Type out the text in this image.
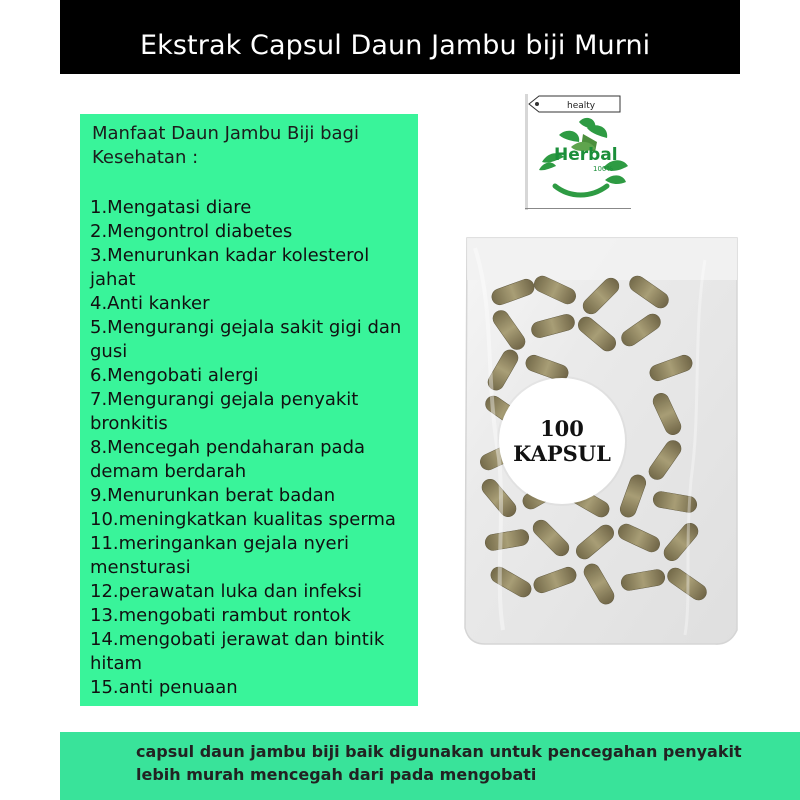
Ekstrak Capsul Daun Jambu biji Murni
Manfaat Daun Jambu Biji bagi Kesehatan :
1.Mengatasi diare
2.Mengontrol diabetes
3.Menurunkan kadar kolesterol jahat
4.Anti kanker
5.Mengurangi gejala sakit gigi dan gusi
6.Mengobati alergi
7.Mengurangi gejala penyakit bronkitis
8.Mencegah pendaharan pada demam berdarah
9.Menurunkan berat badan
10.meningkatkan kualitas sperma
11.meringankan gejala nyeri mensturasi
12.perawatan luka dan infeksi
13.mengobati rambut rontok
14.mengobati jerawat dan bintik hitam
15.anti penuaan
healty
Herbal
100%
100
KAPSUL
capsul daun jambu biji baik digunakan untuk pencegahan penyakit
lebih murah mencegah dari pada mengobati
